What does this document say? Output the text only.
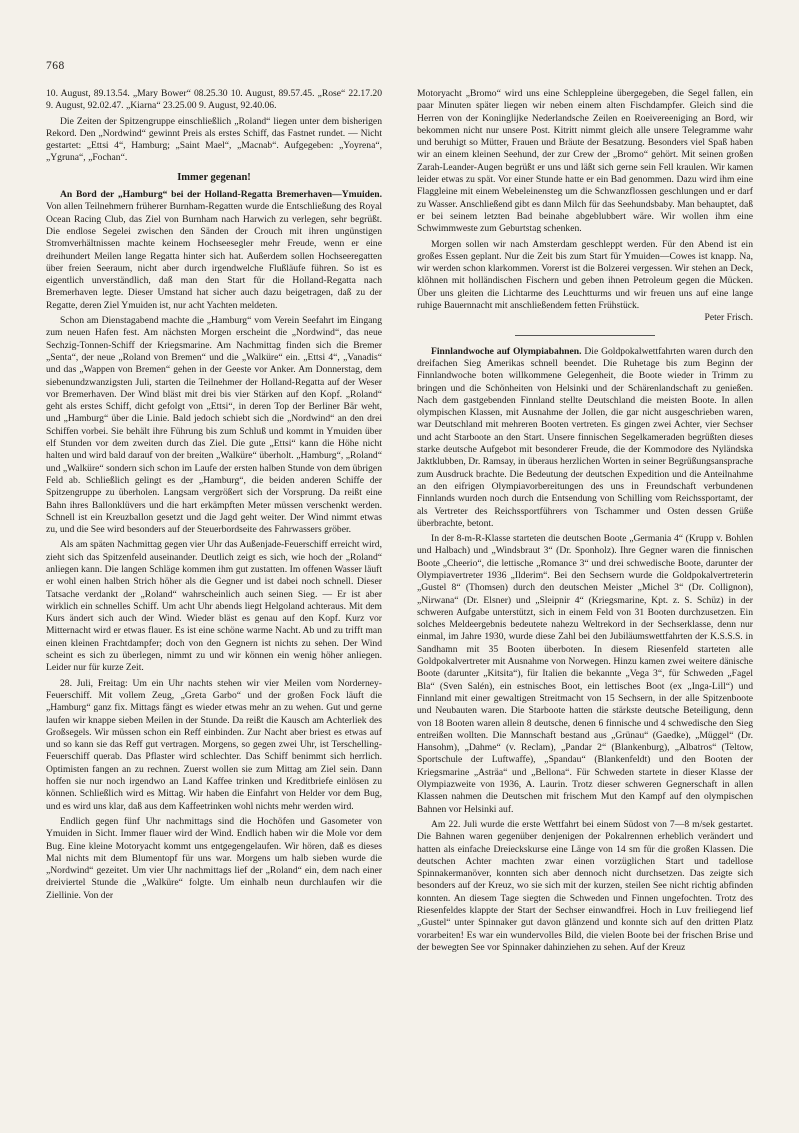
768

10. August, 89.13.54. „Mary Bower“ 08.25.30 10. August, 89.57.45. „Rose“ 22.17.20 9. August, 92.02.47. „Kiarna“ 23.25.00 9. August, 92.40.06.

Die Zeiten der Spitzengruppe einschließlich „Roland“ liegen unter dem bisherigen Rekord. Den „Nordwind“ gewinnt Preis als erstes Schiff, das Fastnet rundet. — Nicht gestartet: „Ettsi 4“, Hamburg; „Saint Mael“, „Macnab“. Aufgegeben: „Yoyrena“, „Ygruna“, „Fochan“.

Immer gegenan!

An Bord der „Hamburg“ bei der Holland-Regatta Bremerhaven—Ymuiden. Von allen Teilnehmern früherer Burnham-Regatten wurde die Entschließung des Royal Ocean Racing Club, das Ziel von Burnham nach Harwich zu verlegen, sehr begrüßt. Die endlose Segelei zwischen den Sänden der Crouch mit ihren ungünstigen Stromverhältnissen machte keinem Hochseesegler mehr Freude, wenn er eine dreihundert Meilen lange Regatta hinter sich hat. Außerdem sollen Hochseeregatten über freien Seeraum, nicht aber durch irgendwelche Flußläufe führen. So ist es eigentlich unverständlich, daß man den Start für die Holland-Regatta nach Bremerhaven legte. Dieser Umstand hat sicher auch dazu beigetragen, daß zu der Regatte, deren Ziel Ymuiden ist, nur acht Yachten meldeten.

Schon am Dienstagabend machte die „Hamburg“ vom Verein Seefahrt im Eingang zum neuen Hafen fest. Am nächsten Morgen erscheint die „Nordwind“, das neue Sechzig-Tonnen-Schiff der Kriegsmarine. Am Nachmittag finden sich die Bremer „Senta“, der neue „Roland von Bremen“ und die „Walküre“ ein. „Ettsi 4“, „Vanadis“ und das „Wappen von Bremen“ gehen in der Geeste vor Anker. Am Donnerstag, dem siebenundzwanzigsten Juli, starten die Teilnehmer der Holland-Regatta auf der Weser vor Bremerhaven. Der Wind bläst mit drei bis vier Stärken auf den Kopf. „Roland“ geht als erstes Schiff, dicht gefolgt von „Ettsi“, in deren Top der Berliner Bär weht, und „Hamburg“ über die Linie. Bald jedoch schiebt sich die „Nordwind“ an den drei Schiffen vorbei. Sie behält ihre Führung bis zum Schluß und kommt in Ymuiden über elf Stunden vor dem zweiten durch das Ziel. Die gute „Ettsi“ kann die Höhe nicht halten und wird bald darauf von der breiten „Walküre“ überholt. „Hamburg“, „Roland“ und „Walküre“ sondern sich schon im Laufe der ersten halben Stunde von dem übrigen Feld ab. Schließlich gelingt es der „Hamburg“, die beiden anderen Schiffe der Spitzengruppe zu überholen. Langsam vergrößert sich der Vorsprung. Da reißt eine Bahn ihres Ballonklüvers und die hart erkämpften Meter müssen verschenkt werden. Schnell ist ein Kreuzballon gesetzt und die Jagd geht weiter. Der Wind nimmt etwas zu, und die See wird besonders auf der Steuerbordseite des Fahrwassers gröber.

Als am späten Nachmittag gegen vier Uhr das Außenjade-Feuerschiff erreicht wird, zieht sich das Spitzenfeld auseinander. Deutlich zeigt es sich, wie hoch der „Roland“ anliegen kann. Die langen Schläge kommen ihm gut zustatten. Im offenen Wasser läuft er wohl einen halben Strich höher als die Gegner und ist dabei noch schnell. Dieser Tatsache verdankt der „Roland“ wahrscheinlich auch seinen Sieg. — Er ist aber wirklich ein schnelles Schiff. Um acht Uhr abends liegt Helgoland achteraus. Mit dem Kurs ändert sich auch der Wind. Wieder bläst es genau auf den Kopf. Kurz vor Mitternacht wird er etwas flauer. Es ist eine schöne warme Nacht. Ab und zu trifft man einen kleinen Frachtdampfer; doch von den Gegnern ist nichts zu sehen. Der Wind scheint es sich zu überlegen, nimmt zu und wir können ein wenig höher anliegen. Leider nur für kurze Zeit.

28. Juli, Freitag: Um ein Uhr nachts stehen wir vier Meilen vom Norderney-Feuerschiff. Mit vollem Zeug, „Greta Garbo“ und der großen Fock läuft die „Hamburg“ ganz fix. Mittags fängt es wieder etwas mehr an zu wehen. Gut und gerne laufen wir knappe sieben Meilen in der Stunde. Da reißt die Kausch am Achterliek des Großsegels. Wir müssen schon ein Reff einbinden. Zur Nacht aber briest es etwas auf und so kann sie das Reff gut vertragen. Morgens, so gegen zwei Uhr, ist Terschelling-Feuerschiff querab. Das Pflaster wird schlechter. Das Schiff benimmt sich herrlich. Optimisten fangen an zu rechnen. Zuerst wollen sie zum Mittag am Ziel sein. Dann hoffen sie nur noch irgendwo an Land Kaffee trinken und Kreditbriefe einlösen zu können. Schließlich wird es Mittag. Wir haben die Einfahrt von Helder vor dem Bug, und es wird uns klar, daß aus dem Kaffeetrinken wohl nichts mehr werden wird.

Endlich gegen fünf Uhr nachmittags sind die Hochöfen und Gasometer von Ymuiden in Sicht. Immer flauer wird der Wind. Endlich haben wir die Mole vor dem Bug. Eine kleine Motoryacht kommt uns entgegengelaufen. Wir hören, daß es dieses Mal nichts mit dem Blumentopf für uns war. Morgens um halb sieben wurde die „Nordwind“ gezeitet. Um vier Uhr nachmittags lief der „Roland“ ein, dem nach einer dreiviertel Stunde die „Walküre“ folgte. Um einhalb neun durchlaufen wir die Ziellinie. Von der

Motoryacht „Bromo“ wird uns eine Schleppleine übergegeben, die Segel fallen, ein paar Minuten später liegen wir neben einem alten Fischdampfer. Gleich sind die Herren von der Koninglijke Nederlandsche Zeilen en Roeivereeniging an Bord, wir bekommen nicht nur unsere Post. Kitritt nimmt gleich alle unsere Telegramme wahr und beruhigt so Mütter, Frauen und Bräute der Besatzung. Besonders viel Spaß haben wir an einem kleinen Seehund, der zur Crew der „Bromo“ gehört. Mit seinen großen Zarah-Leander-Augen begrüßt er uns und läßt sich gerne sein Fell kraulen. Wir kamen leider etwas zu spät. Vor einer Stunde hatte er ein Bad genommen. Dazu wird ihm eine Flaggleine mit einem Webeleinensteg um die Schwanzflossen geschlungen und er darf zu Wasser. Anschließend gibt es dann Milch für das Seehundsbaby. Man behauptet, daß er bei seinem letzten Bad beinahe abgeblubbert wäre. Wir wollen ihm eine Schwimmweste zum Geburtstag schenken.

Morgen sollen wir nach Amsterdam geschleppt werden. Für den Abend ist ein großes Essen geplant. Nur die Zeit bis zum Start für Ymuiden—Cowes ist knapp. Na, wir werden schon klarkommen. Vorerst ist die Bolzerei vergessen. Wir stehen an Deck, klöhnen mit holländischen Fischern und geben ihnen Petroleum gegen die Mücken. Über uns gleiten die Lichtarme des Leuchtturms und wir freuen uns auf eine lange ruhige Bauernnacht mit anschließendem fetten Frühstück.
Peter Frisch.

Finnlandwoche auf Olympiabahnen. Die Goldpokalwettfahrten waren durch den dreifachen Sieg Amerikas schnell beendet. Die Ruhetage bis zum Beginn der Finnlandwoche boten willkommene Gelegenheit, die Boote wieder in Trimm zu bringen und die Schönheiten von Helsinki und der Schärenlandschaft zu genießen. Nach dem gastgebenden Finnland stellte Deutschland die meisten Boote. In allen olympischen Klassen, mit Ausnahme der Jollen, die gar nicht ausgeschrieben waren, war Deutschland mit mehreren Booten vertreten. Es gingen zwei Achter, vier Sechser und acht Starboote an den Start. Unsere finnischen Segelkameraden begrüßten dieses starke deutsche Aufgebot mit besonderer Freude, die der Kommodore des Nyländska Jaktklubben, Dr. Ramsay, in überaus herzlichen Worten in seiner Begrüßungsansprache zum Ausdruck brachte. Die Bedeutung der deutschen Expedition und die Anteilnahme an den eifrigen Olympiavorbereitungen des uns in Freundschaft verbundenen Finnlands wurden noch durch die Entsendung von Schilling vom Reichssportamt, der als Vertreter des Reichssportführers von Tschammer und Osten dessen Grüße überbrachte, betont.

In der 8-m-R-Klasse starteten die deutschen Boote „Germania 4“ (Krupp v. Bohlen und Halbach) und „Windsbraut 3“ (Dr. Sponholz). Ihre Gegner waren die finnischen Boote „Cheerio“, die lettische „Romance 3“ und drei schwedische Boote, darunter der Olympiavertreter 1936 „Ilderim“. Bei den Sechsern wurde die Goldpokalvertreterin „Gustel 8“ (Thomsen) durch den deutschen Meister „Michel 3“ (Dr. Collignon), „Nirwana“ (Dr. Elsner) und „Sleipnir 4“ (Kriegsmarine, Kpt. z. S. Schüz) in der schweren Aufgabe unterstützt, sich in einem Feld von 31 Booten durchzusetzen. Ein solches Meldeergebnis bedeutete nahezu Weltrekord in der Sechserklasse, denn nur einmal, im Jahre 1930, wurde diese Zahl bei den Jubiläumswettfahrten der K.S.S.S. in Sandhamn mit 35 Booten überboten. In diesem Riesenfeld starteten alle Goldpokalvertreter mit Ausnahme von Norwegen. Hinzu kamen zwei weitere dänische Boote (darunter „Kitsita“), für Italien die bekannte „Vega 3“, für Schweden „Fagel Bla“ (Sven Salén), ein estnisches Boot, ein lettisches Boot (ex „Inga-Lill“) und Finnland mit einer gewaltigen Streitmacht von 15 Sechsern, in der alle Spitzenboote und Neubauten waren. Die Starboote hatten die stärkste deutsche Beteiligung, denn von 18 Booten waren allein 8 deutsche, denen 6 finnische und 4 schwedische den Sieg entreißen wollten. Die Mannschaft bestand aus „Grünau“ (Gaedke), „Müggel“ (Dr. Hansohm), „Dahme“ (v. Reclam), „Pandar 2“ (Blankenburg), „Albatros“ (Teltow, Sportschule der Luftwaffe), „Spandau“ (Blankenfeldt) und den Booten der Kriegsmarine „Asträa“ und „Bellona“. Für Schweden startete in dieser Klasse der Olympiazweite von 1936, A. Laurin. Trotz dieser schweren Gegnerschaft in allen Klassen nahmen die Deutschen mit frischem Mut den Kampf auf den olympischen Bahnen vor Helsinki auf.

Am 22. Juli wurde die erste Wettfahrt bei einem Südost von 7—8 m/sek gestartet. Die Bahnen waren gegenüber denjenigen der Pokalrennen erheblich verändert und hatten als einfache Dreieckskurse eine Länge von 14 sm für die großen Klassen. Die deutschen Achter machten zwar einen vorzüglichen Start und tadellose Spinnakermanöver, konnten sich aber dennoch nicht durchsetzen. Das zeigte sich besonders auf der Kreuz, wo sie sich mit der kurzen, steilen See nicht richtig abfinden konnten. An diesem Tage siegten die Schweden und Finnen ungefochten. Trotz des Riesenfeldes klappte der Start der Sechser einwandfrei. Hoch in Luv freiliegend lief „Gustel“ unter Spinnaker gut davon glänzend und konnte sich auf den dritten Platz vorarbeiten! Es war ein wundervolles Bild, die vielen Boote bei der frischen Brise und der bewegten See vor Spinnaker dahinziehen zu sehen. Auf der Kreuz
